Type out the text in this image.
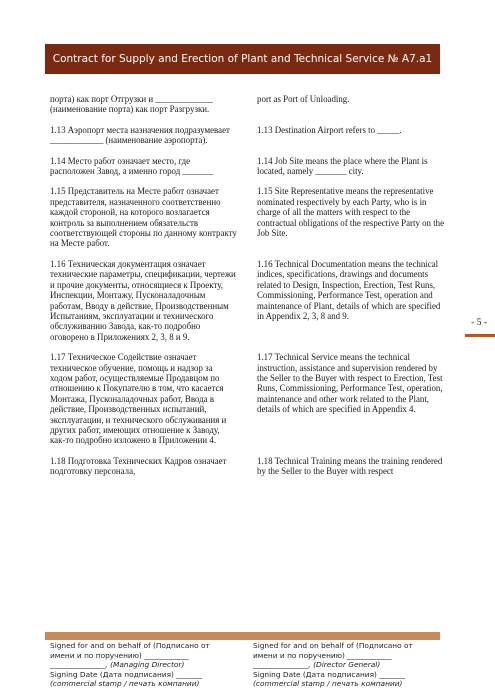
Contract for Supply and Erection of Plant and Technical Service № A7.a1
- 5 -
порта) как порт Отгрузки и _____________ (наименование порта) как порт Разгрузки.
port as Port of Unloading.
1.13 Аэропорт места назначения подразумевает ____________ (наименование аэропорта).
1.13 Destination Airport refers to _____.
1.14 Место работ означает место, где расположен Завод, а именно город _______
1.14 Job Site means the place where the Plant is located, namely _______ city.
1.15 Представитель на Месте работ означает представителя, назначенного соответственно каждой стороной, на которого возлагается контроль за выполнением обязательств соответствующей стороны по данному контракту на Месте работ.
1.15 Site Representative means the representative nominated respectively by each Party, who is in charge of all the matters with respect to the contractual obligations of the respective Party on the Job Site.
1.16 Техническая документация означает технические параметры, спецификации, чертежи и прочие документы, относящиеся к Проекту, Инспекции, Монтажу, Пусконаладочным работам, Вводу в действие, Производственным Испытаниям, эксплуатации и технического обслуживанию Завода, как-то подробно оговорено в Приложениях 2, 3, 8 и 9.
1.16 Technical Documentation means the technical indices, specifications, drawings and documents related to Design, Inspection, Erection, Test Runs, Commissioning, Performance Test, operation and maintenance of Plant, details of which are specified in Appendix 2, 3, 8 and 9.
1.17 Техническое Содействие означает техническое обучение, помощь и надзор за ходом работ, осуществляемые Продавцом по отношению к Покупателю в том, что касается Монтажа, Пусконаладочных работ, Ввода в действие, Производственных испытаний, эксплуатации, и технического обслуживания и других работ, имеющих отношение к Заводу, как-то подробно изложено в Приложении 4.
1.17 Technical Service means the technical instruction, assistance and supervision rendered by the Seller to the Buyer with respect to Erection, Test Runs, Commissioning, Performance Test, operation, maintenance and other work related to the Plant, details of which are specified in Appendix 4.
1.18 Подготовка Технических Кадров означает подготовку персонала,
1.18 Technical Training means the training rendered by the Seller to the Buyer with respect
Signed for and on behalf of (Подписано от
имени и по поручению) ____________
_______________, (Managing Director)
Signing Date (Дата подписания) _______
(commercial stamp / печать компании)
Signed for and on behalf of (Подписано от
имени и по поручению) ____________
_______________, (Director General)
Signing Date (Дата подписания) _______
(commercial stamp / печать компании)
